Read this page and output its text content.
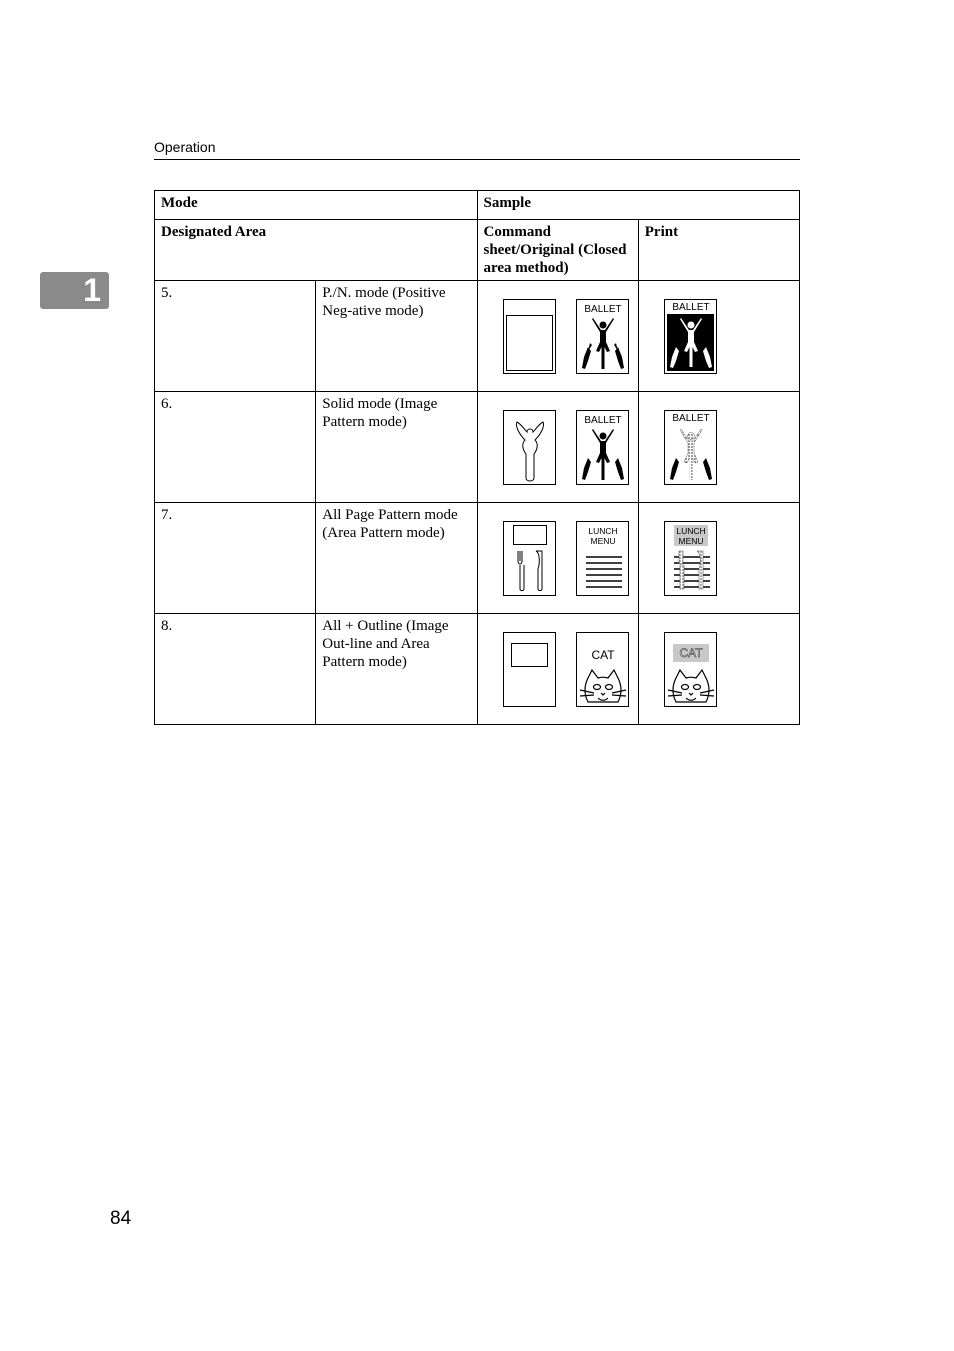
Operation
1
Mode		Sample	
Designated Area		Command sheet/Original (Closed area method)	Print
5.	P./N. mode (Positive Neg-ative mode)	BALLET	BALLET

6.	Solid mode (Image Pattern mode)	BALLET	BALLET

7.	All Page Pattern mode (Area Pattern mode)	LUNCH MENU	LUNCH MENU

8.	All + Outline (Image Out-line and Area Pattern mode)	CAT	CAT
84
